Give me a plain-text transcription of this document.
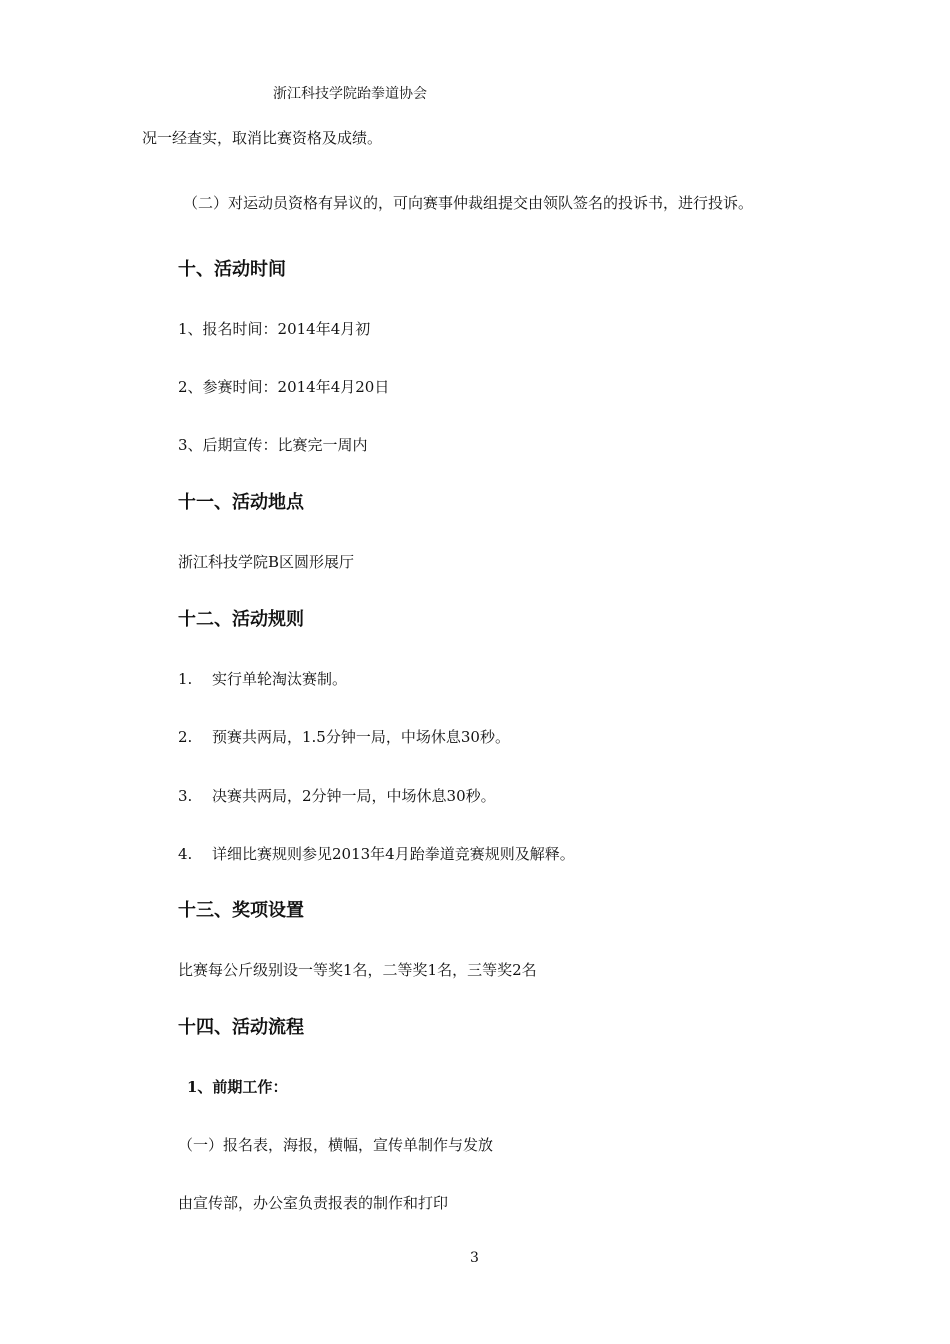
浙江科技学院跆拳道协会
况一经查实，取消比赛资格及成绩。
（二）对运动员资格有异议的，可向赛事仲裁组提交由领队签名的投诉书，进行投诉。
十、活动时间
1、报名时间：2014年4月初
2、参赛时间：2014年4月20日
3、后期宣传：比赛完一周内
十一、活动地点
浙江科技学院B区圆形展厅
十二、活动规则
1. 实行单轮淘汰赛制。
2. 预赛共两局，1.5分钟一局，中场休息30秒。
3. 决赛共两局，2分钟一局，中场休息30秒。
4. 详细比赛规则参见2013年4月跆拳道竞赛规则及解释。
十三、奖项设置
比赛每公斤级别设一等奖1名，二等奖1名，三等奖2名
十四、活动流程
1、前期工作：
（一）报名表，海报，横幅，宣传单制作与发放
由宣传部，办公室负责报表的制作和打印
3
